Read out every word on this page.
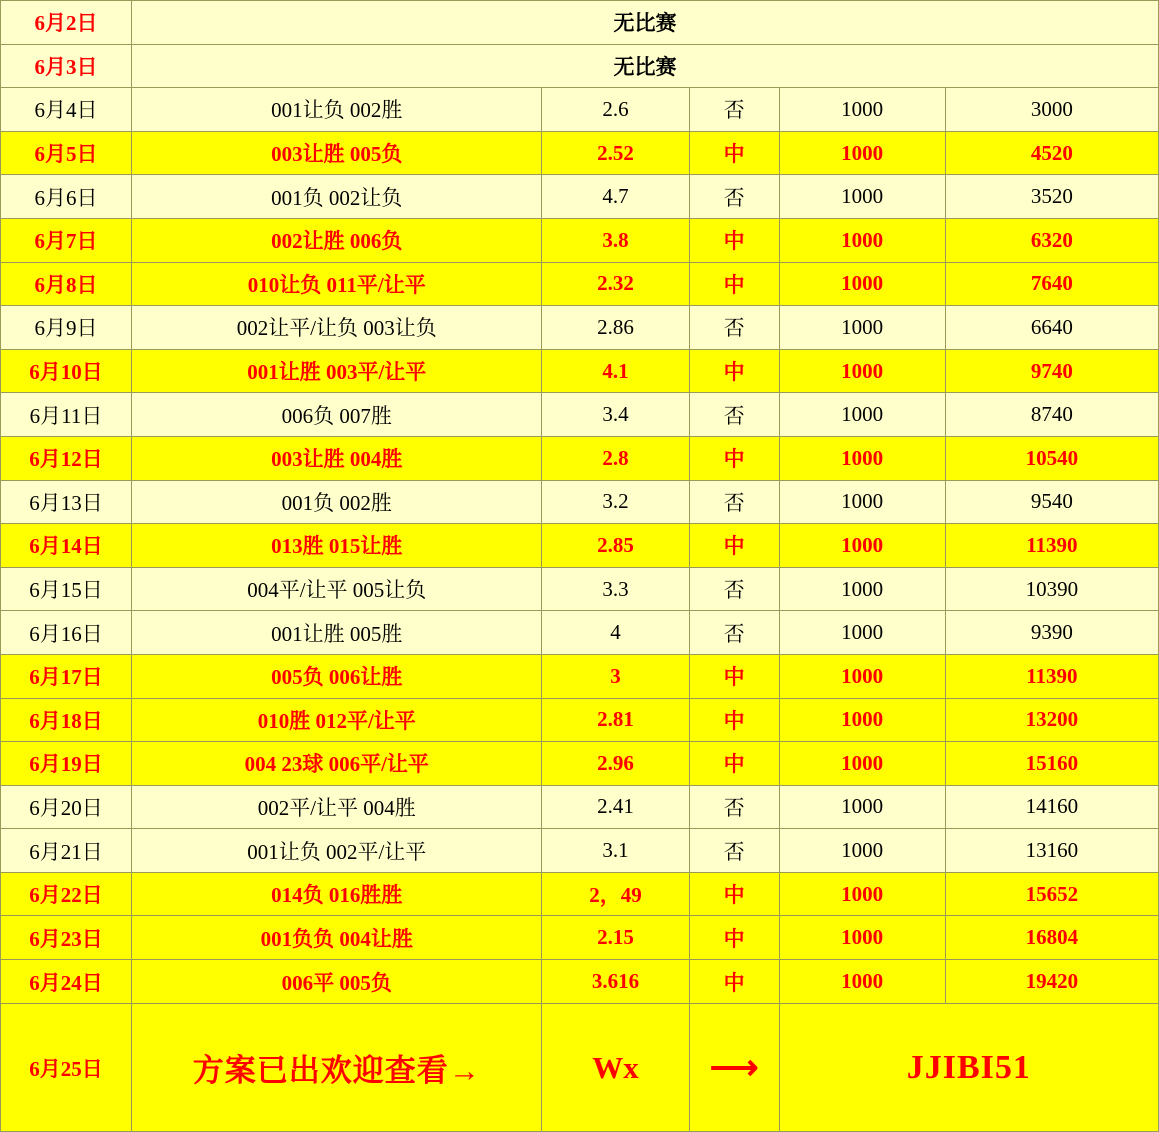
6月2日	无比赛				
6月3日	无比赛				
6月4日	001让负 002胜	2.6	否	1000	3000
6月5日	003让胜 005负	2.52	中	1000	4520
6月6日	001负 002让负	4.7	否	1000	3520
6月7日	002让胜 006负	3.8	中	1000	6320
6月8日	010让负 011平/让平	2.32	中	1000	7640
6月9日	002让平/让负 003让负	2.86	否	1000	6640
6月10日	001让胜 003平/让平	4.1	中	1000	9740
6月11日	006负 007胜	3.4	否	1000	8740
6月12日	003让胜 004胜	2.8	中	1000	10540
6月13日	001负 002胜	3.2	否	1000	9540
6月14日	013胜 015让胜	2.85	中	1000	11390
6月15日	004平/让平 005让负	3.3	否	1000	10390
6月16日	001让胜 005胜	4	否	1000	9390
6月17日	005负 006让胜	3	中	1000	11390
6月18日	010胜 012平/让平	2.81	中	1000	13200
6月19日	004 23球 006平/让平	2.96	中	1000	15160
6月20日	002平/让平 004胜	2.41	否	1000	14160
6月21日	001让负 002平/让平	3.1	否	1000	13160
6月22日	014负 016胜胜	2，49	中	1000	15652
6月23日	001负负 004让胜	2.15	中	1000	16804
6月24日	006平 005负	3.616	中	1000	19420
6月25日	方案已出欢迎查看→	Wx	⟶	JJIBI51	
